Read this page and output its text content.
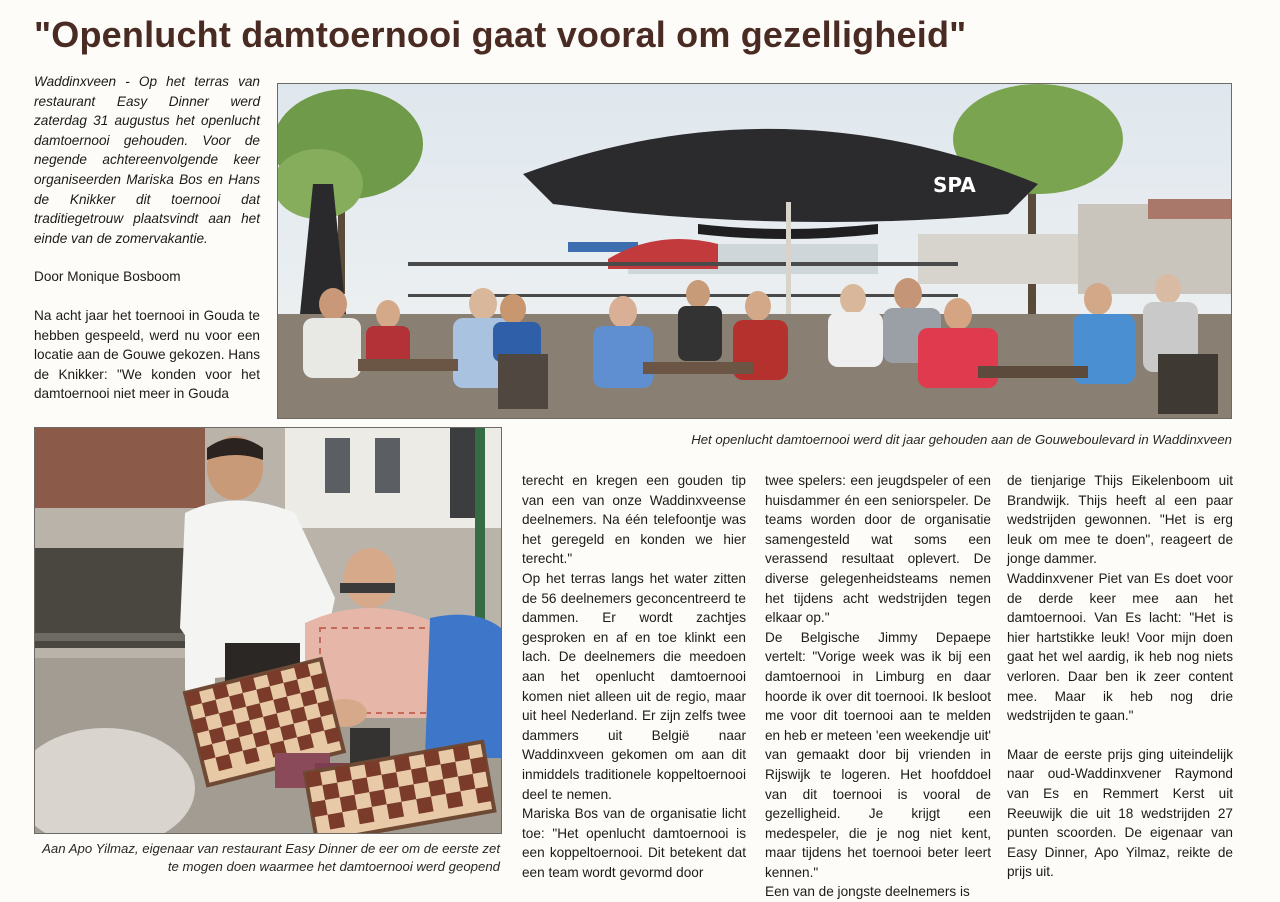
"Openlucht damtoernooi gaat vooral om gezelligheid"

Waddinxveen - Op het terras van restaurant Easy Dinner werd zaterdag 31 augustus het openlucht damtoernooi gehouden. Voor de negende achtereenvolgende keer organiseerden Mariska Bos en Hans de Knikker dit toernooi dat traditiegetrouw plaatsvindt aan het einde van de zomervakantie.

Door Monique Bosboom

Na acht jaar het toernooi in Gouda te hebben gespeeld, werd nu voor een locatie aan de Gouwe gekozen. Hans de Knikker: "We konden voor het damtoernooi niet meer in Gouda

SPA
Het openlucht damtoernooi werd dit jaar gehouden aan de Gouweboulevard in Waddinxveen
Aan Apo Yilmaz, eigenaar van restaurant Easy Dinner de eer om de eerste zet te mogen doen waarmee het damtoernooi werd geopend

terecht en kregen een gouden tip van een van onze Waddinxveense deelnemers. Na één telefoontje was het geregeld en konden we hier terecht."

Op het terras langs het water zitten de 56 deelnemers geconcentreerd te dammen. Er wordt zachtjes gesproken en af en toe klinkt een lach. De deelnemers die meedoen aan het openlucht damtoernooi komen niet alleen uit de regio, maar uit heel Nederland. Er zijn zelfs twee dammers uit België naar Waddinxveen gekomen om aan dit inmiddels traditionele koppeltoernooi deel te nemen.

Mariska Bos van de organisatie licht toe: "Het openlucht damtoernooi is een koppeltoernooi. Dit betekent dat een team wordt gevormd door

twee spelers: een jeugdspeler of een huisdammer én een seniorspeler. De teams worden door de organisatie samengesteld wat soms een verassend resultaat oplevert. De diverse gelegenheidsteams nemen het tijdens acht wedstrijden tegen elkaar op."

De Belgische Jimmy Depaepe vertelt: "Vorige week was ik bij een damtoernooi in Limburg en daar hoorde ik over dit toernooi. Ik besloot me voor dit toernooi aan te melden en heb er meteen 'een weekendje uit' van gemaakt door bij vrienden in Rijswijk te logeren. Het hoofddoel van dit toernooi is vooral de gezelligheid. Je krijgt een medespeler, die je nog niet kent, maar tijdens het toernooi beter leert kennen."

Een van de jongste deelnemers is

de tienjarige Thijs Eikelenboom uit Brandwijk. Thijs heeft al een paar wedstrijden gewonnen. "Het is erg leuk om mee te doen", reageert de jonge dammer.

Waddinxvener Piet van Es doet voor de derde keer mee aan het damtoernooi. Van Es lacht: "Het is hier hartstikke leuk! Voor mijn doen gaat het wel aardig, ik heb nog niets verloren. Daar ben ik zeer content mee. Maar ik heb nog drie wedstrijden te gaan."

Maar de eerste prijs ging uiteindelijk naar oud-Waddinxvener Raymond van Es en Remmert Kerst uit Reeuwijk die uit 18 wedstrijden 27 punten scoorden. De eigenaar van Easy Dinner, Apo Yilmaz, reikte de prijs uit.
